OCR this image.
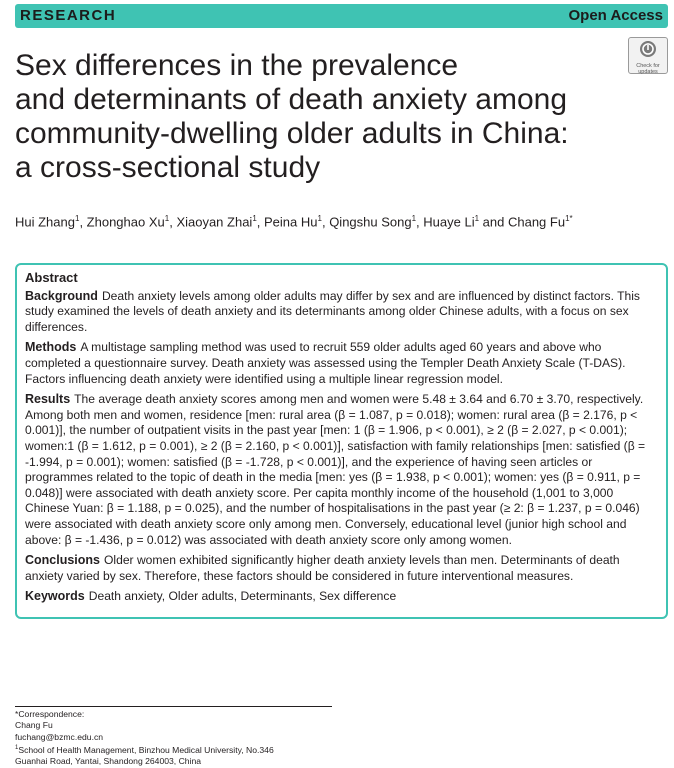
RESEARCH	Open Access
Check for
updates
Sex differences in the prevalence
and determinants of death anxiety among
community-dwelling older adults in China:
a cross-sectional study
Hui Zhang$^1$, Zhonghao Xu$^1$, Xiaoyan Zhai$^1$, Peina Hu$^1$, Qingshu Song$^1$, Huaye Li$^1$ and Chang $Fu^{1*}$

Abstract

Background Death anxiety levels among older adults may differ by sex and are influenced by distinct factors. This study examined the levels of death anxiety and its determinants among older Chinese adults, with a focus on sex differences.

Methods A multistage sampling method was used to recruit 559 older adults aged 60 years and above who completed a questionnaire survey. Death anxiety was assessed using the Templer Death Anxiety Scale (T-DAS). Factors influencing death anxiety were identified using a multiple linear regression model.

Results The average death anxiety scores among men and women were 5.48 ± 3.64 and 6.70 ± 3.70, respectively. Among both men and women, residence [men: rural area (β = 1.087, p = 0.018); women: rural area (β = 2.176, p < 0.001)], the number of outpatient visits in the past year [men: 1 (β = 1.906, p < 0.001), ≥ 2 (β = 2.027, p < 0.001); women:1 (β = 1.612, p = 0.001), ≥ 2 (β = 2.160, p < 0.001)], satisfaction with family relationships [men: satisfied (β = -1.994, p = 0.001); women: satisfied (β = -1.728, p < 0.001)], and the experience of having seen articles or programmes related to the topic of death in the media [men: yes (β = 1.938, p < 0.001); women: yes (β = 0.911, p = 0.048)] were associated with death anxiety score. Per capita monthly income of the household (1,001 to 3,000 Chinese Yuan: β = 1.188, p = 0.025), and the number of hospitalisations in the past year (≥ 2: β = 1.237, p = 0.046) were associated with death anxiety score only among men. Conversely, educational level (junior high school and above: β = -1.436, p = 0.012) was associated with death anxiety score only among women.

Conclusions Older women exhibited significantly higher death anxiety levels than men. Determinants of death anxiety varied by sex. Therefore, these factors should be considered in future interventional measures.

Keywords Death anxiety, Older adults, Determinants, Sex difference

*Correspondence:
Chang Fu
fuchang@bzmc.edu.cn
$^1$School of Health Management, Binzhou Medical University, No.346
Guanhai Road, Yantai, Shandong 264003, China
